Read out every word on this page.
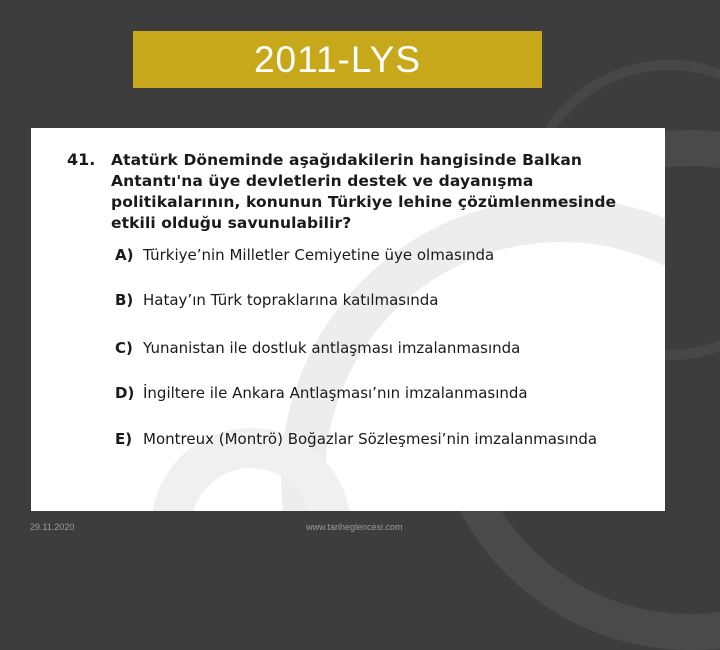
2011-LYS
41. Atatürk Döneminde aşağıdakilerin hangisinde Balkan Antantı'na üye devletlerin destek ve dayanışma politikalarının, konunun Türkiye lehine çözümlenmesinde etkili olduğu savunulabilir?
A) Türkiye’nin Milletler Cemiyetine üye olmasında
B) Hatay’ın Türk topraklarına katılmasında
C) Yunanistan ile dostluk antlaşması imzalanmasında
D) İngiltere ile Ankara Antlaşması’nın imzalanmasında
E) Montreux (Montrö) Boğazlar Sözleşmesi’nin imzalanmasında
29.11.2020	www.tariheglencesi.com
